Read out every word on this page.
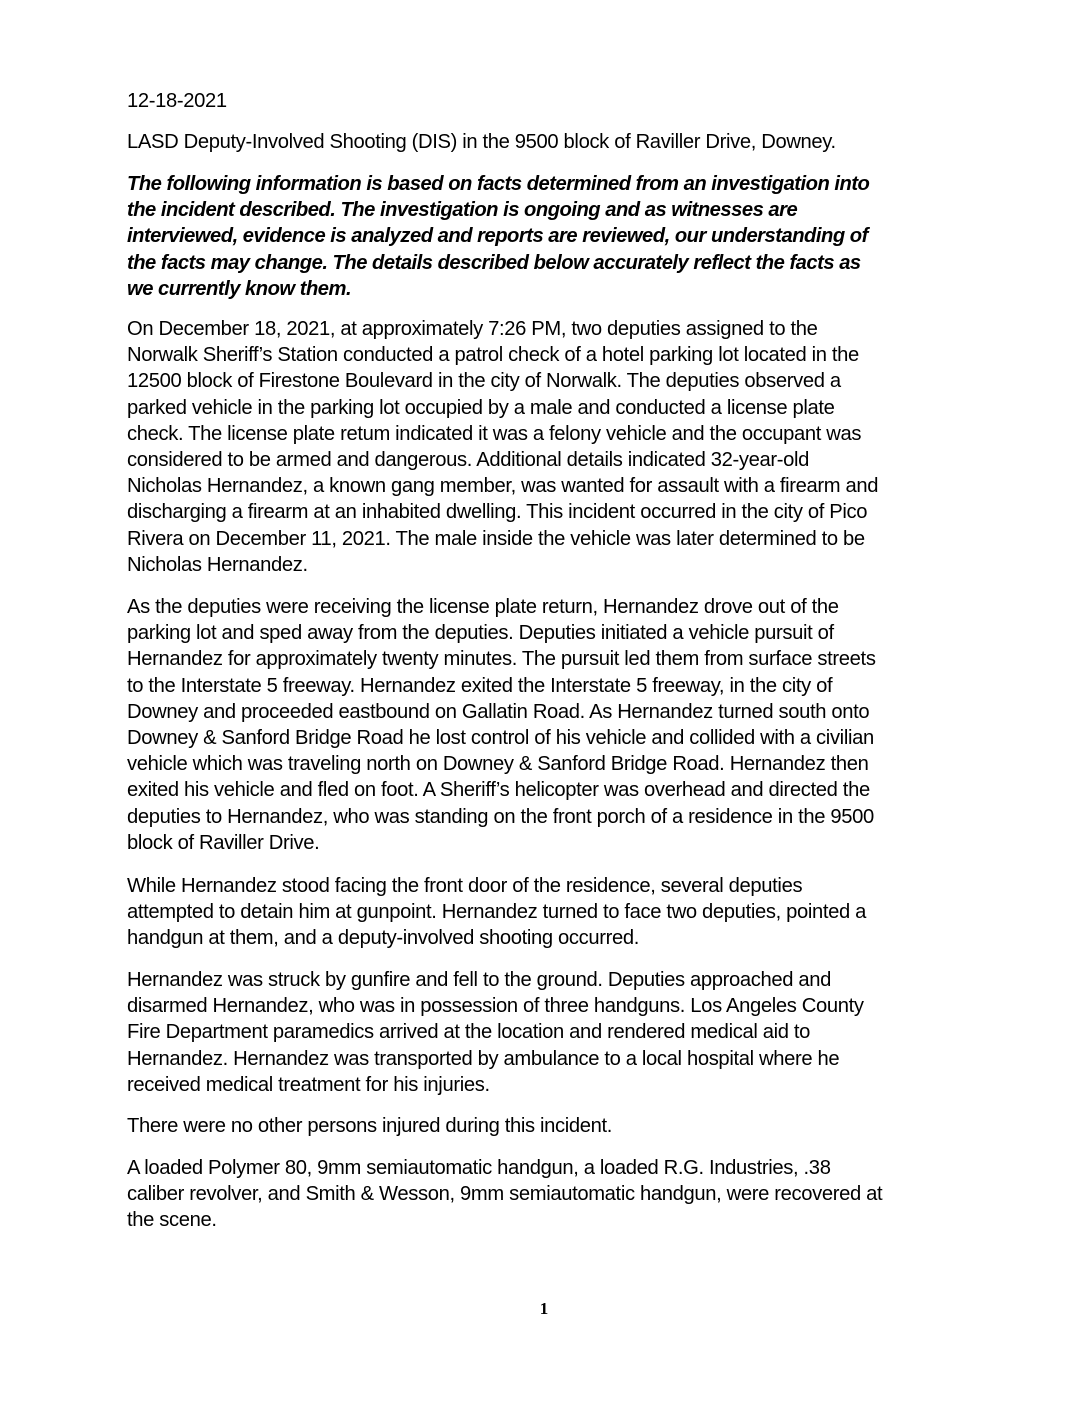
12-18-2021
LASD Deputy-Involved Shooting (DIS) in the 9500 block of Raviller Drive, Downey.
The following information is based on facts determined from an investigation into
the incident described. The investigation is ongoing and as witnesses are
interviewed, evidence is analyzed and reports are reviewed, our understanding of
the facts may change. The details described below accurately reflect the facts as
we currently know them.
On December 18, 2021, at approximately 7:26 PM, two deputies assigned to the
Norwalk Sheriff’s Station conducted a patrol check of a hotel parking lot located in the
12500 block of Firestone Boulevard in the city of Norwalk. The deputies observed a
parked vehicle in the parking lot occupied by a male and conducted a license plate
check. The license plate retum indicated it was a felony vehicle and the occupant was
considered to be armed and dangerous. Additional details indicated 32-year-old
Nicholas Hernandez, a known gang member, was wanted for assault with a firearm and
discharging a firearm at an inhabited dwelling. This incident occurred in the city of Pico
Rivera on December 11, 2021. The male inside the vehicle was later determined to be
Nicholas Hernandez.
As the deputies were receiving the license plate return, Hernandez drove out of the
parking lot and sped away from the deputies. Deputies initiated a vehicle pursuit of
Hernandez for approximately twenty minutes. The pursuit led them from surface streets
to the Interstate 5 freeway. Hernandez exited the Interstate 5 freeway, in the city of
Downey and proceeded eastbound on Gallatin Road. As Hernandez turned south onto
Downey & Sanford Bridge Road he lost control of his vehicle and collided with a civilian
vehicle which was traveling north on Downey & Sanford Bridge Road. Hernandez then
exited his vehicle and fled on foot. A Sheriff’s helicopter was overhead and directed the
deputies to Hernandez, who was standing on the front porch of a residence in the 9500
block of Raviller Drive.
While Hernandez stood facing the front door of the residence, several deputies
attempted to detain him at gunpoint. Hernandez turned to face two deputies, pointed a
handgun at them, and a deputy-involved shooting occurred.
Hernandez was struck by gunfire and fell to the ground. Deputies approached and
disarmed Hernandez, who was in possession of three handguns. Los Angeles County
Fire Department paramedics arrived at the location and rendered medical aid to
Hernandez. Hernandez was transported by ambulance to a local hospital where he
received medical treatment for his injuries.
There were no other persons injured during this incident.
A loaded Polymer 80, 9mm semiautomatic handgun, a loaded R.G. Industries, .38
caliber revolver, and Smith & Wesson, 9mm semiautomatic handgun, were recovered at
the scene.
1
